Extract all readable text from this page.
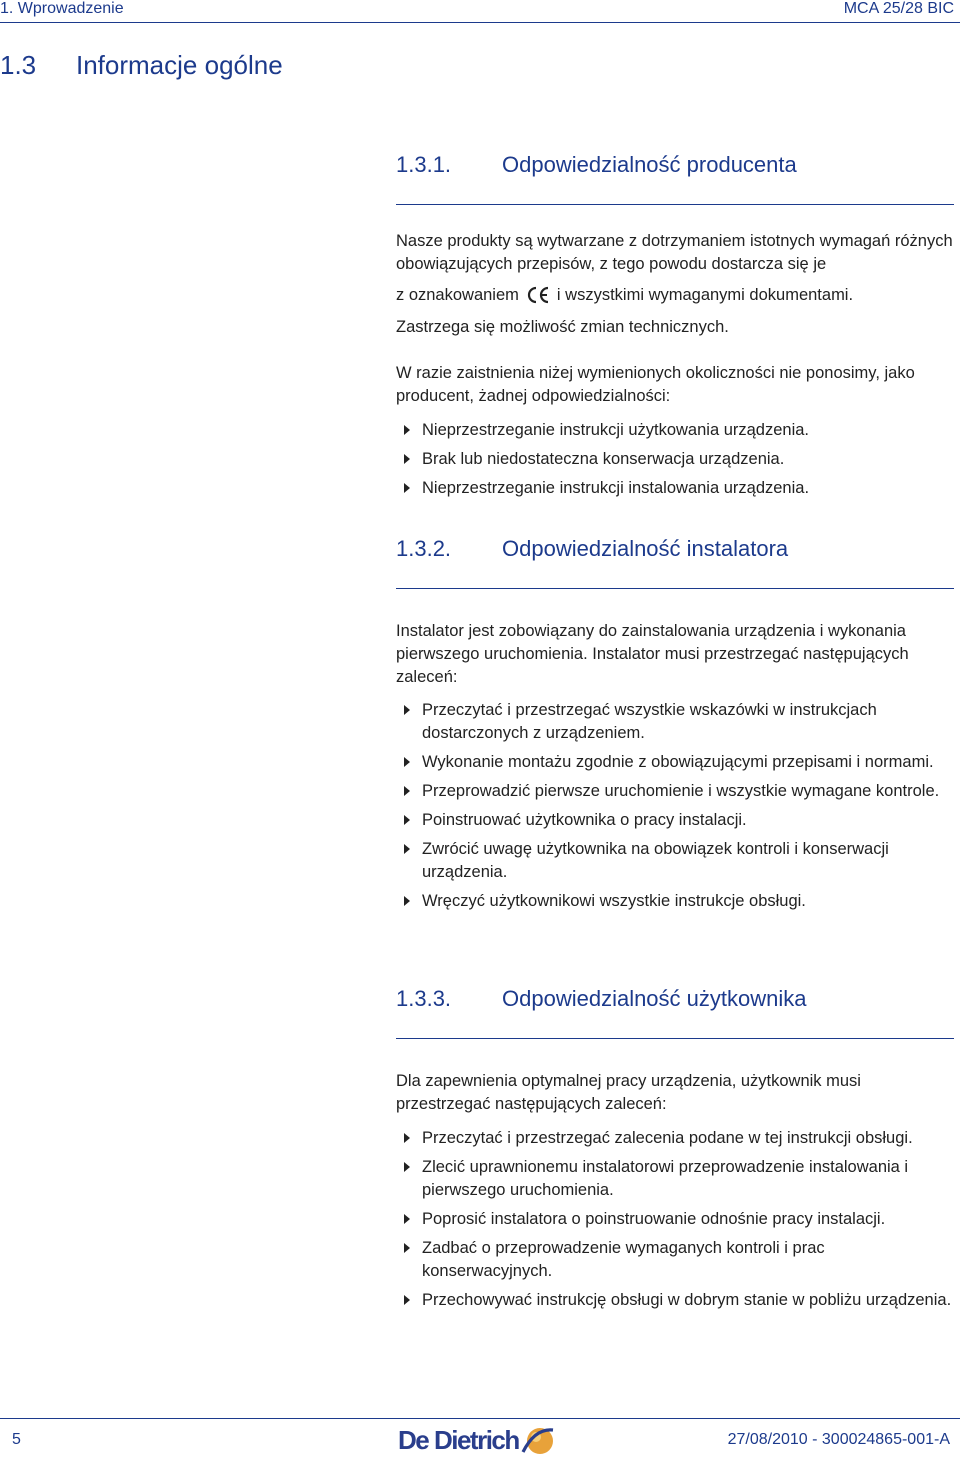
1. Wprowadzenie	MCA 25/28 BIC
1.3 Informacje ogólne
1.3.1. Odpowiedzialność producenta
Nasze produkty są wytwarzane z dotrzymaniem istotnych wymagań różnych obowiązujących przepisów, z tego powodu dostarcza się je
z oznakowaniem i wszystkimi wymaganymi dokumentami.
Zastrzega się możliwość zmian technicznych.
W razie zaistnienia niżej wymienionych okoliczności nie ponosimy, jako producent, żadnej odpowiedzialności:
Nieprzestrzeganie instrukcji użytkowania urządzenia.
Brak lub niedostateczna konserwacja urządzenia.
Nieprzestrzeganie instrukcji instalowania urządzenia.
1.3.2. Odpowiedzialność instalatora
Instalator jest zobowiązany do zainstalowania urządzenia i wykonania pierwszego uruchomienia. Instalator musi przestrzegać następujących zaleceń:
Przeczytać i przestrzegać wszystkie wskazówki w instrukcjach dostarczonych z urządzeniem.
Wykonanie montażu zgodnie z obowiązującymi przepisami i normami.
Przeprowadzić pierwsze uruchomienie i wszystkie wymagane kontrole.
Poinstruować użytkownika o pracy instalacji.
Zwrócić uwagę użytkownika na obowiązek kontroli i konserwacji urządzenia.
Wręczyć użytkownikowi wszystkie instrukcje obsługi.
1.3.3. Odpowiedzialność użytkownika
Dla zapewnienia optymalnej pracy urządzenia, użytkownik musi przestrzegać następujących zaleceń:
Przeczytać i przestrzegać zalecenia podane w tej instrukcji obsługi.
Zlecić uprawnionemu instalatorowi przeprowadzenie instalowania i pierwszego uruchomienia.
Poprosić instalatora o poinstruowanie odnośnie pracy instalacji.
Zadbać o przeprowadzenie wymaganych kontroli i prac konserwacyjnych.
Przechowywać instrukcję obsługi w dobrym stanie w pobliżu urządzenia.
5	De Dietrich	27/08/2010 - 300024865-001-A
